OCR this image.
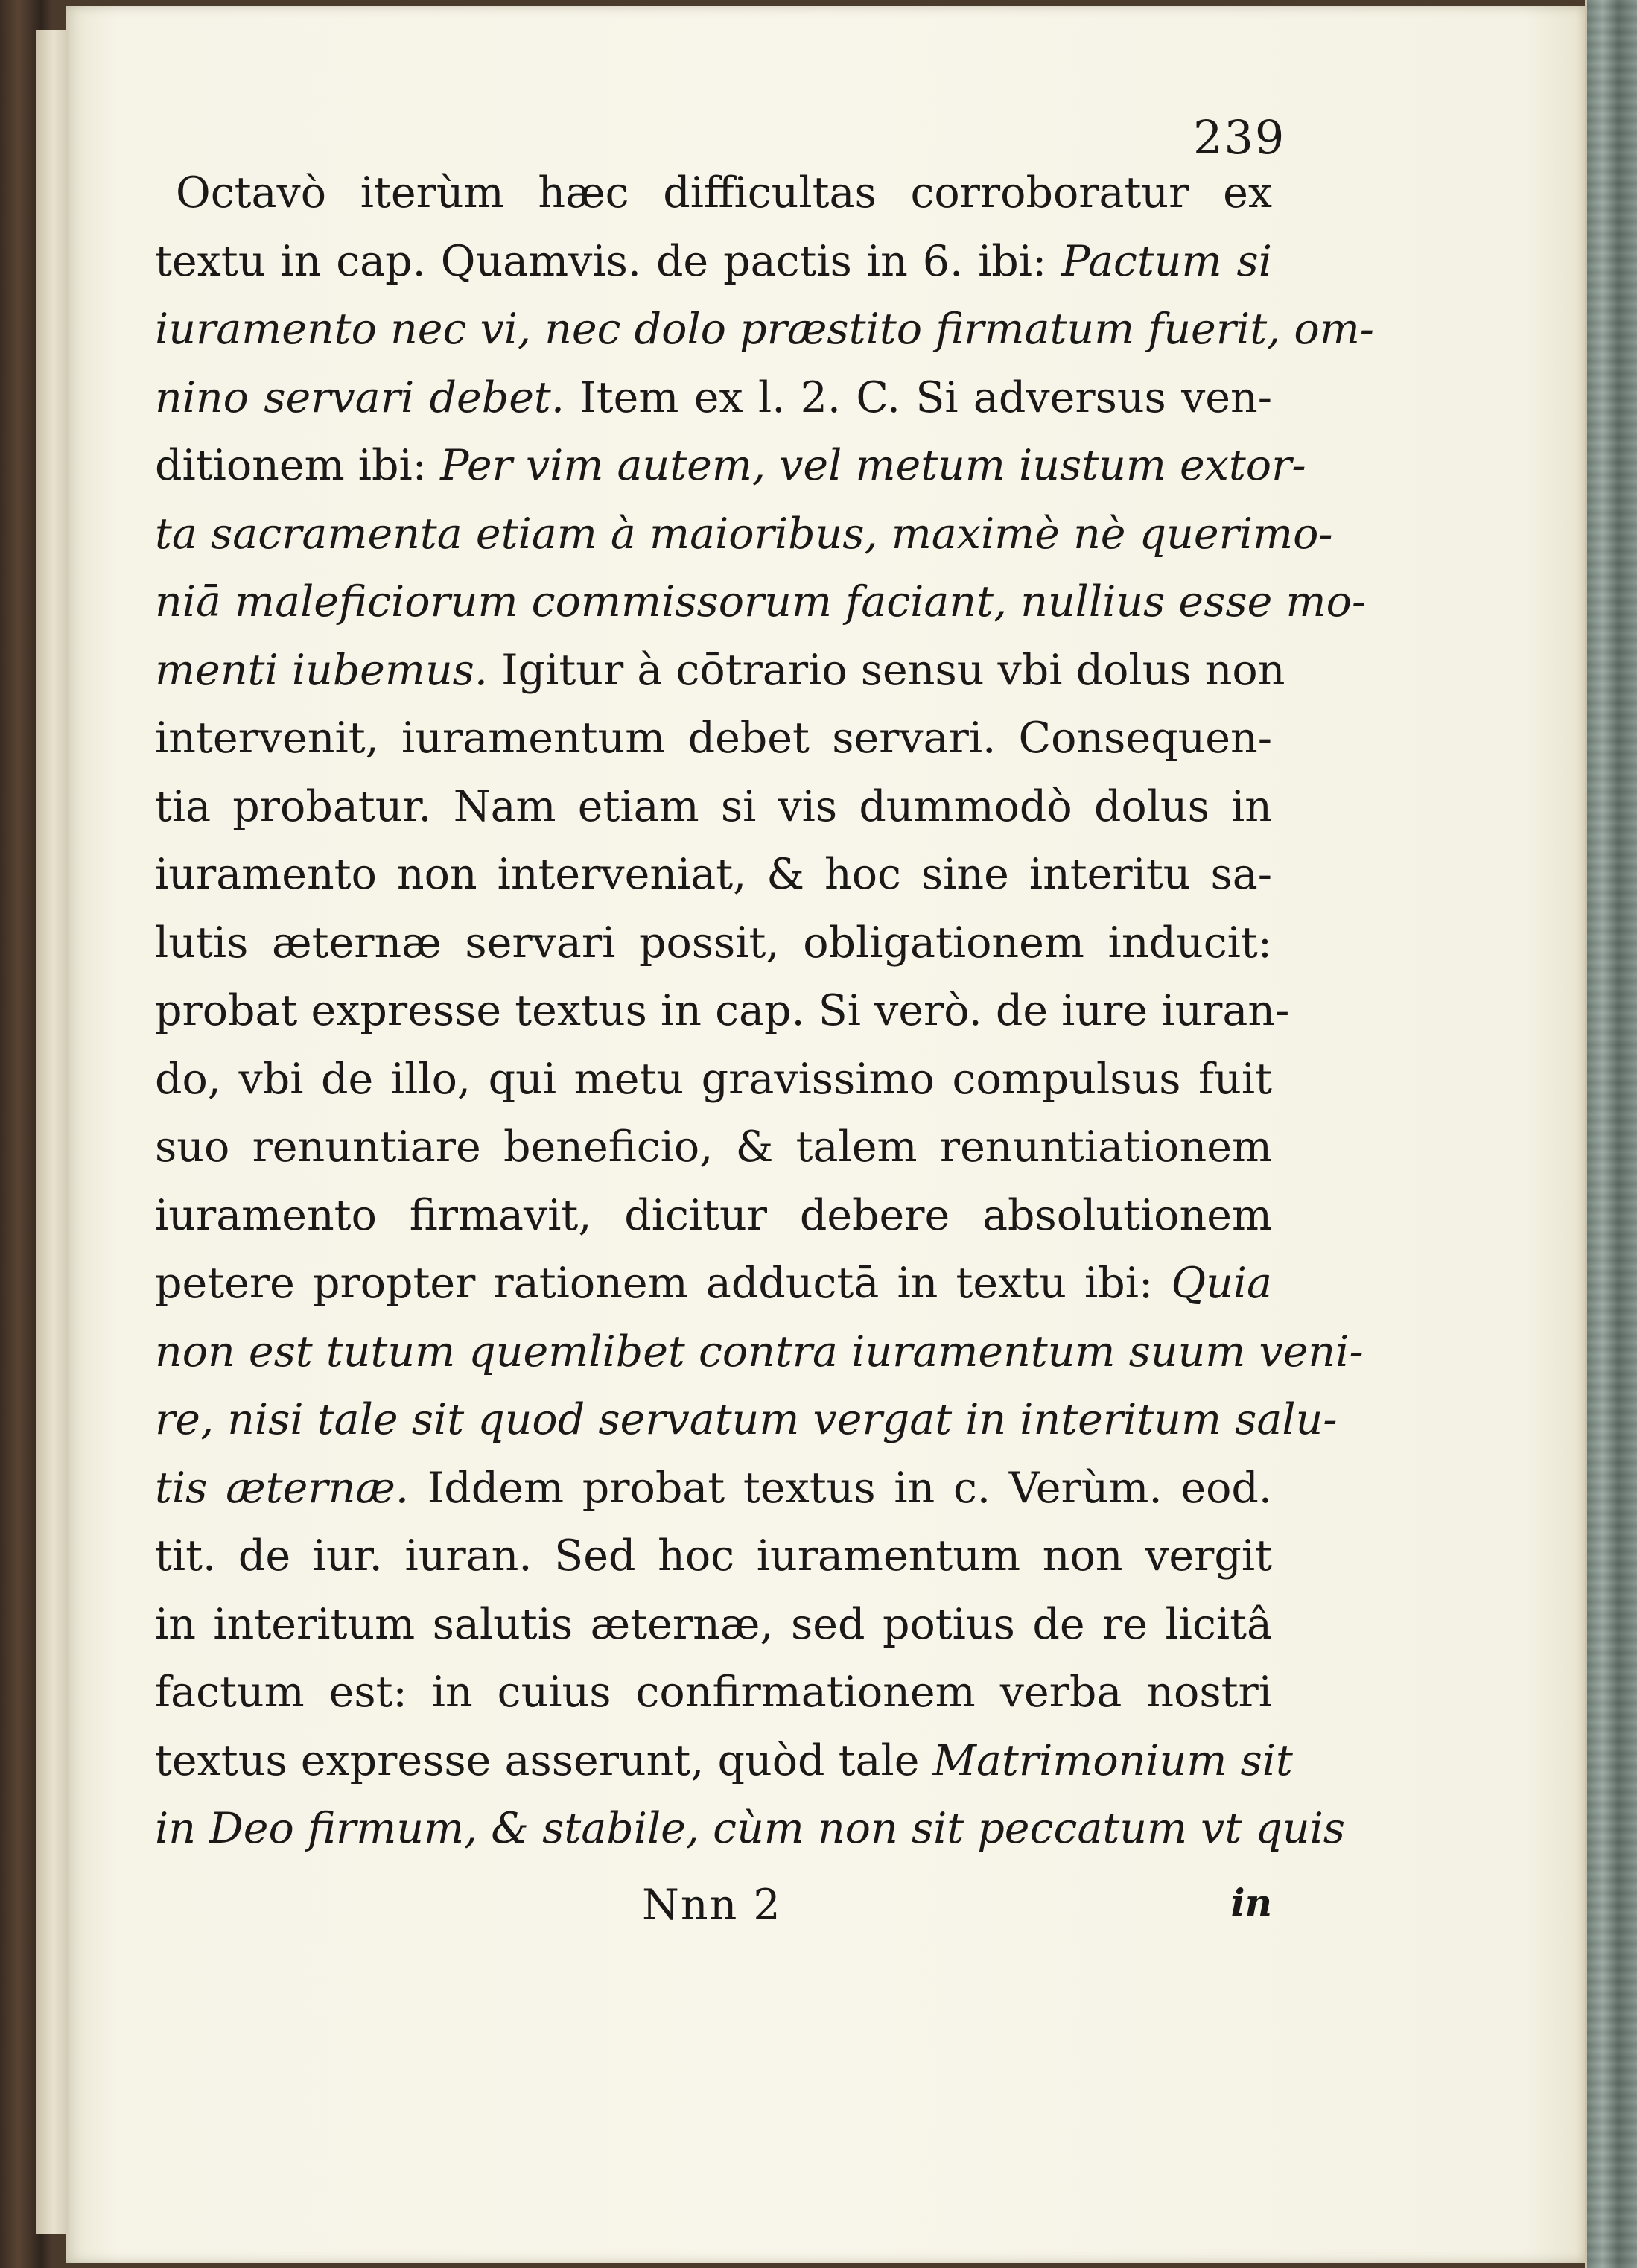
239
Octavò iterùm hæc difficultas corroboratur ex
textu in cap. Quamvis. de pactis in 6. ibi: Pactum si
iuramento nec vi, nec dolo præstito firmatum fuerit, om-
nino servari debet. Item ex l. 2. C. Si adversus ven-
ditionem ibi: Per vim autem, vel metum iustum extor-
ta sacramenta etiam à maioribus, maximè nè querimo-
niā maleficiorum commissorum faciant, nullius esse mo-
menti iubemus. Igitur à cōtrario sensu vbi dolus non
intervenit, iuramentum debet servari. Consequen-
tia probatur. Nam etiam si vis dummodò dolus in
iuramento non interveniat, & hoc sine interitu sa-
lutis æternæ servari possit, obligationem inducit:
probat expresse textus in cap. Si verò. de iure iuran-
do, vbi de illo, qui metu gravissimo compulsus fuit
suo renuntiare beneficio, & talem renuntiationem
iuramento firmavit, dicitur debere absolutionem
petere propter rationem adductā in textu ibi: Quia
non est tutum quemlibet contra iuramentum suum veni-
re, nisi tale sit quod servatum vergat in interitum salu-
tis æternæ. Iddem probat textus in c. Verùm. eod.
tit. de iur. iuran. Sed hoc iuramentum non vergit
in interitum salutis æternæ, sed potius de re licitâ
factum est: in cuius confirmationem verba nostri
textus expresse asserunt, quòd tale Matrimonium sit
in Deo firmum, & stabile, cùm non sit peccatum vt quis
Nnn 2	in
